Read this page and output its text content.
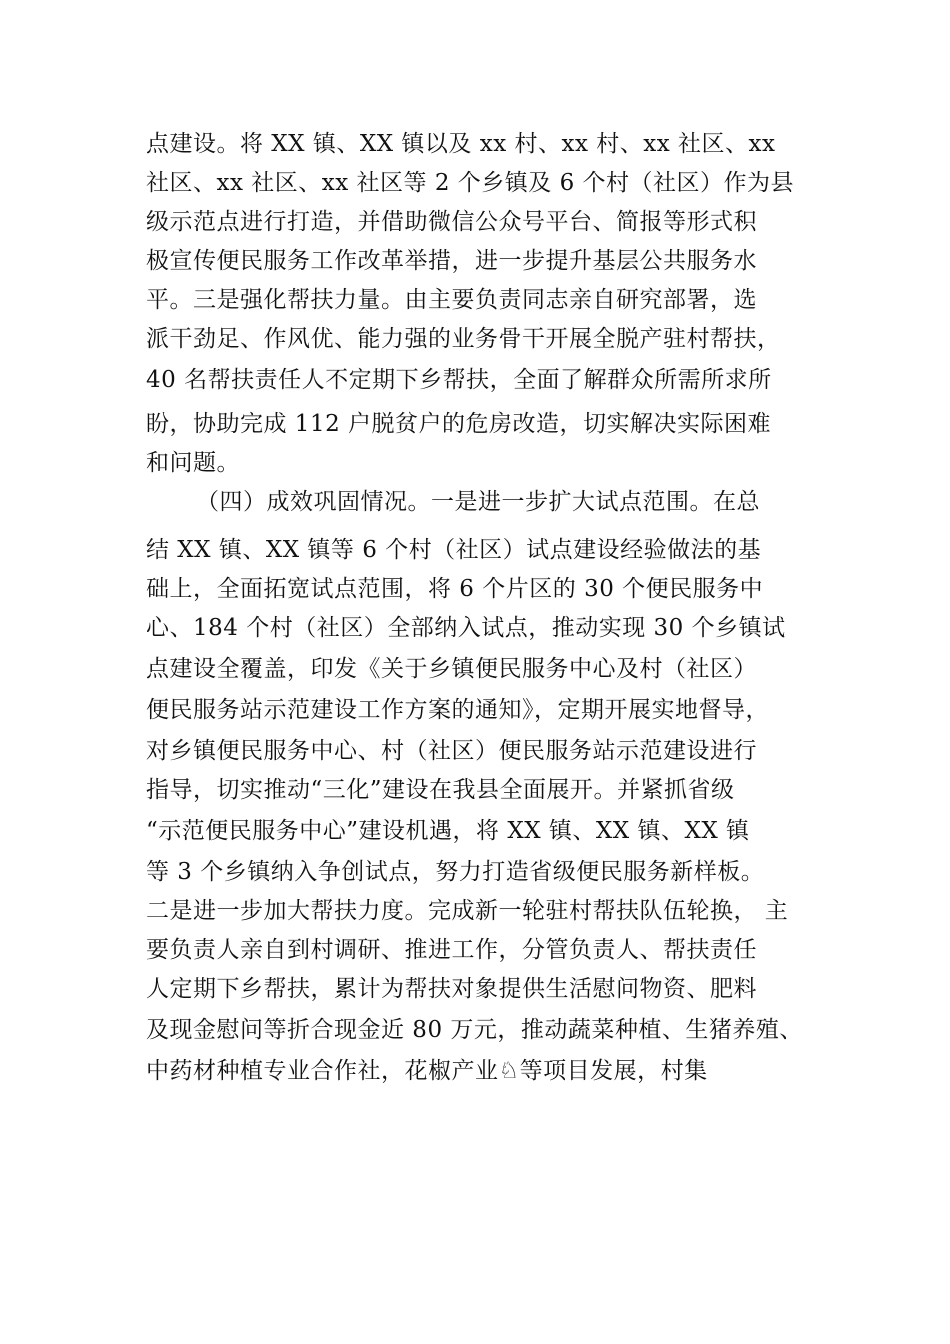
点建设。将 XX 镇、XX 镇以及 xx 村、xx 村、xx 社区、xx
社区、xx 社区、xx 社区等 2 个乡镇及 6 个村（社区）作为县
级示范点进行打造，并借助微信公众号平台、简报等形式积
极宣传便民服务工作改革举措，进一步提升基层公共服务水
平。三是强化帮扶力量。由主要负责同志亲自研究部署，选
派干劲足、作风优、能力强的业务骨干开展全脱产驻村帮扶，
40 名帮扶责任人不定期下乡帮扶，全面了解群众所需所求所
盼，协助完成 112 户脱贫户的危房改造，切实解决实际困难
和问题。
（四）成效巩固情况。一是进一步扩大试点范围。在总
结 XX 镇、XX 镇等 6 个村（社区）试点建设经验做法的基
础上，全面拓宽试点范围，将 6 个片区的 30 个便民服务中
心、184 个村（社区）全部纳入试点，推动实现 30 个乡镇试
点建设全覆盖，印发《关于乡镇便民服务中心及村（社区）
便民服务站示范建设工作方案的通知》，定期开展实地督导，
对乡镇便民服务中心、村（社区）便民服务站示范建设进行
指导，切实推动“三化”建设在我县全面展开。并紧抓省级
“示范便民服务中心”建设机遇，将 XX 镇、XX 镇、XX 镇
等 3 个乡镇纳入争创试点，努力打造省级便民服务新样板。
二是进一步加大帮扶力度。完成新一轮驻村帮扶队伍轮换， 主
要负责人亲自到村调研、推进工作，分管负责人、帮扶责任
人定期下乡帮扶，累计为帮扶对象提供生活慰问物资、肥料
及现金慰问等折合现金近 80 万元，推动蔬菜种植、生猪养殖、
中药材种植专业合作社，花椒产业♘等项目发展，村集
